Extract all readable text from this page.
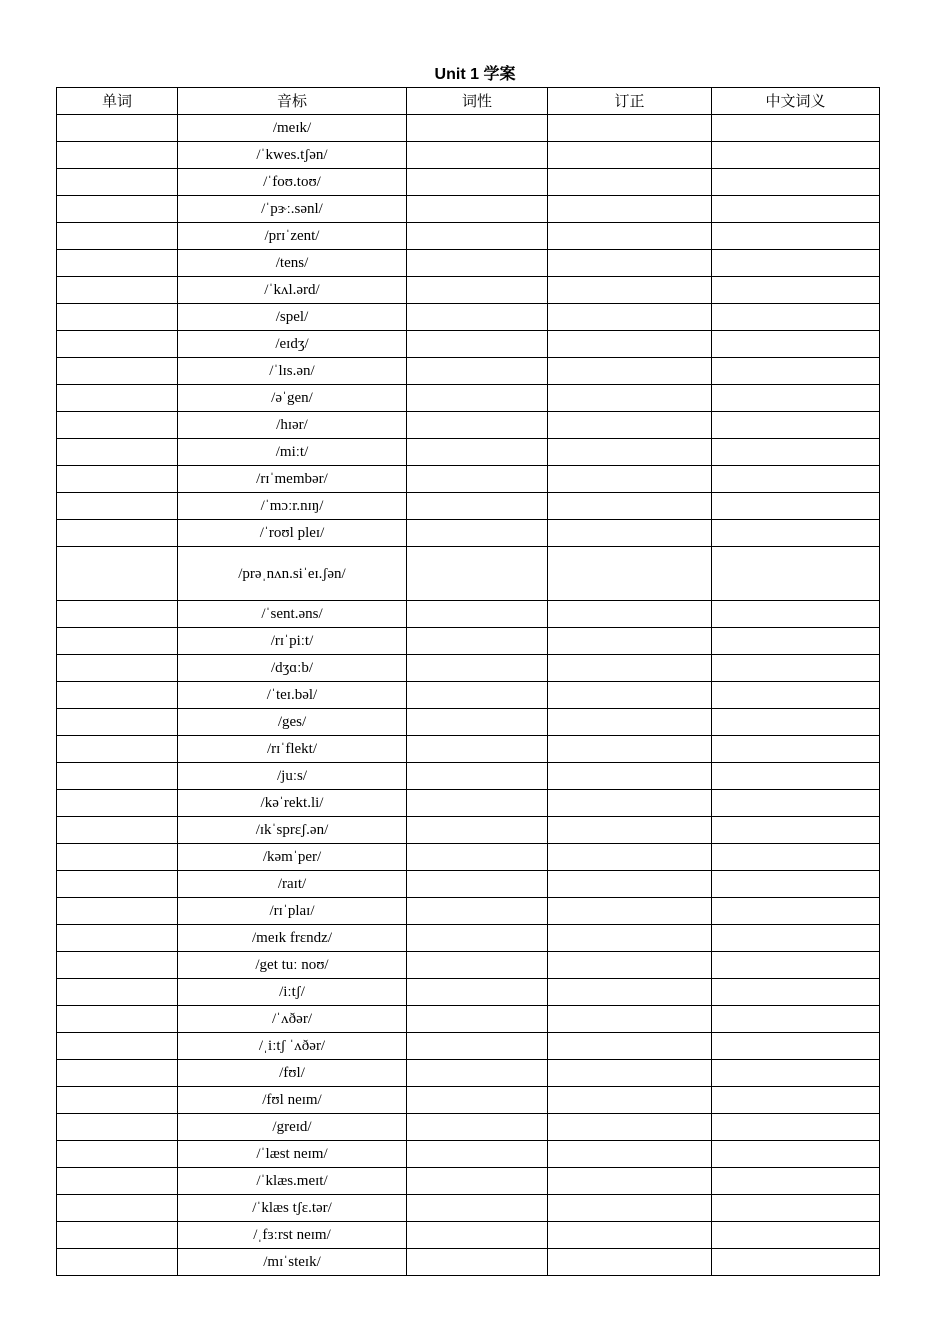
Unit 1 学案
单词	音标	词性	订正	中文词义
	/meɪk/			
	/ˈkwes.tʃən/			
	/ˈfoʊ.toʊ/			
	/ˈpɝː.sənl/			
	/prɪˈzent/			
	/tens/			
	/ˈkʌl.ərd/			
	/spel/			
	/eɪdʒ/			
	/ˈlɪs.ən/			
	/əˈgen/			
	/hɪər/			
	/miːt/			
	/rɪˈmembər/			
	/ˈmɔːr.nɪŋ/			
	/ˈroʊl pleɪ/			
	/prəˌnʌn.siˈeɪ.ʃən/			
	/ˈsent.əns/			
	/rɪˈpiːt/			
	/dʒɑːb/			
	/ˈteɪ.bəl/			
	/ges/			
	/rɪˈflekt/			
	/juːs/			
	/kəˈrekt.li/			
	/ɪkˈsprɛʃ.ən/			
	/kəmˈper/			
	/raɪt/			
	/rɪˈplaɪ/			
	/meɪk frɛndz/			
	/get tuː noʊ/			
	/iːtʃ/			
	/ˈʌðər/			
	/ˌiːtʃ ˈʌðər/			
	/fʊl/			
	/fʊl neɪm/			
	/greɪd/			
	/ˈlæst neɪm/			
	/ˈklæs.meɪt/			
	/ˈklæs tʃɛ.tər/			
	/ˌfɜːrst neɪm/			
	/mɪˈsteɪk/			
